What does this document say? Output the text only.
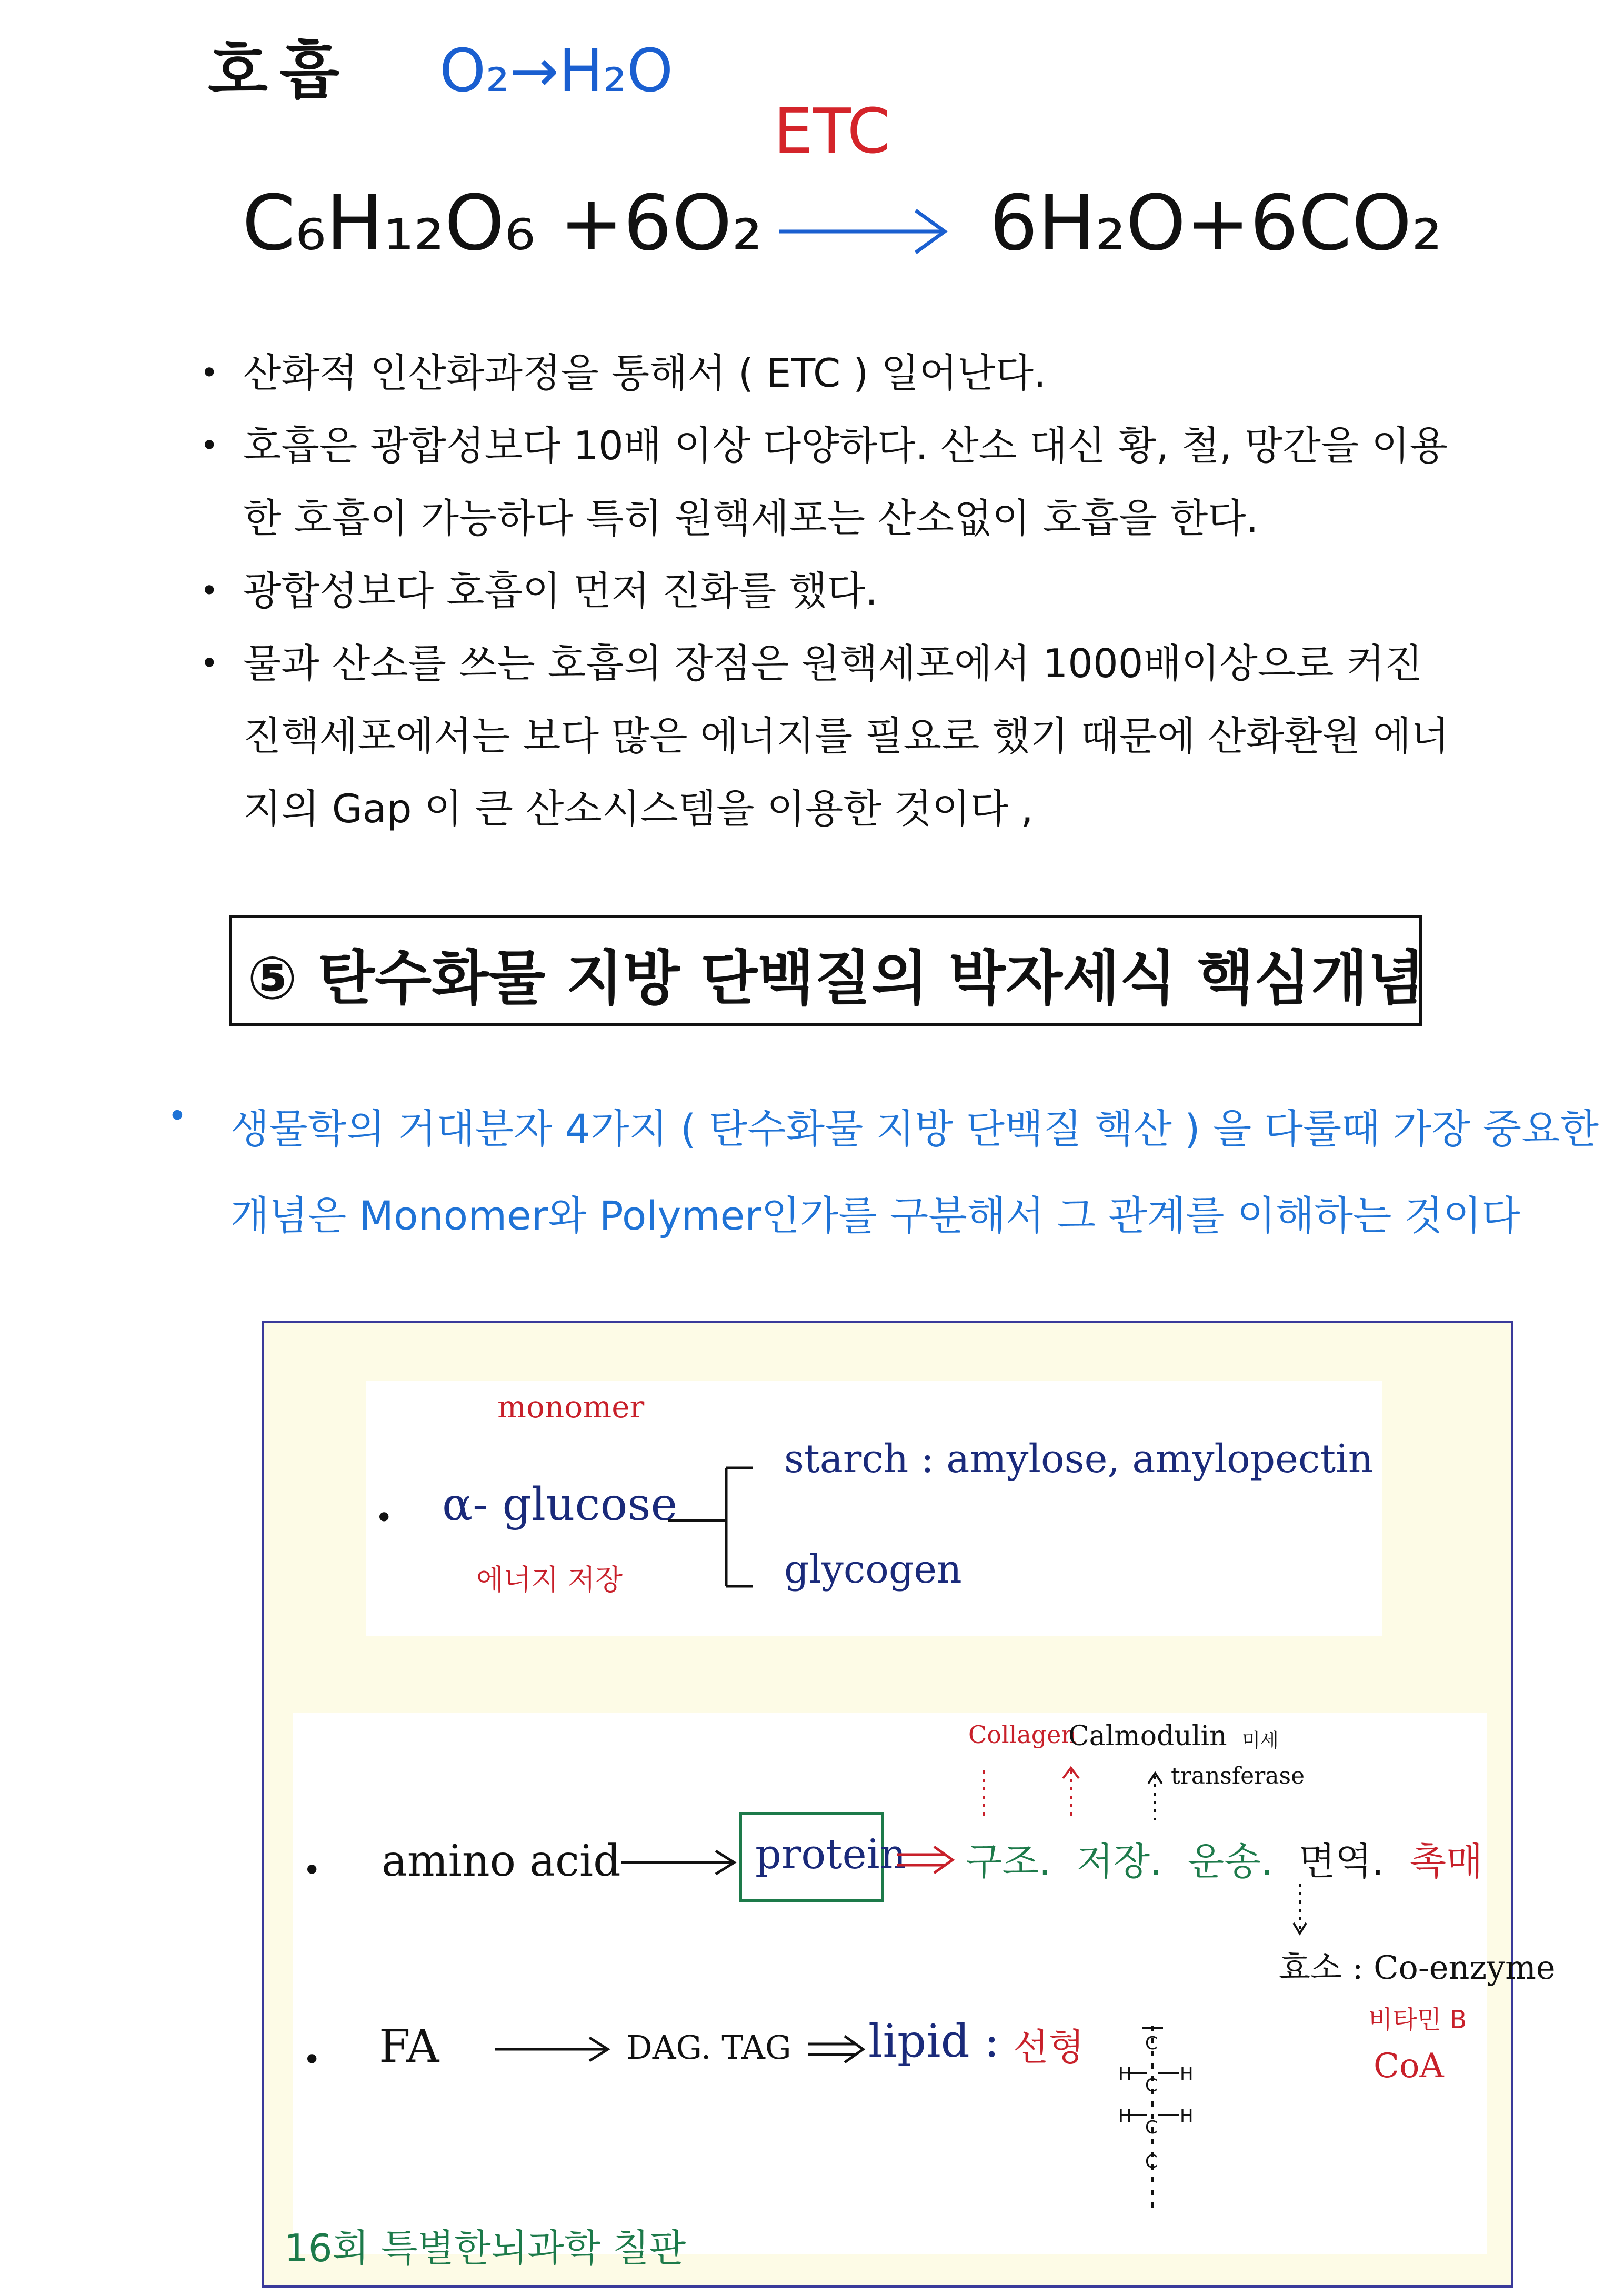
호흡 O₂→H₂O
ETC
C₆H₁₂O₆ +6O₂	6H₂O+6CO₂
• 산화적 인산화과정을 통해서 ( ETC ) 일어난다.
• 호흡은 광합성보다 10배 이상 다양하다. 산소 대신 황, 철, 망간을 이용
한 호흡이 가능하다 특히 원핵세포는 산소없이 호흡을 한다.
• 광합성보다 호흡이 먼저 진화를 했다.
• 물과 산소를 쓰는 호흡의 장점은 원핵세포에서 1000배이상으로 커진
진핵세포에서는 보다 많은 에너지를 필요로 했기 때문에 산화환원 에너
지의 Gap 이 큰 산소시스템을 이용한 것이다 ,
⑤ 탄수화물 지방 단백질의 박자세식 핵심개념
• 생물학의 거대분자 4가지 ( 탄수화물 지방 단백질 핵산 ) 을 다룰때 가장 중요한
개념은 Monomer와 Polymer인가를 구분해서 그 관계를 이해하는 것이다
monomer
• α- glucose
에너지 저장
starch : amylose, amylopectin
glycogen
Collagen
Calmodulin 미세
transferase
• amino acid	protein 구조. 저장. 운송. 면역. 촉매
효소 : Co-enzyme
비타민 B
CoA
• FA	DAG. TAG lipid : 선형
H	H
H	H
C
C
C
C
16회 특별한뇌과학 칠판
